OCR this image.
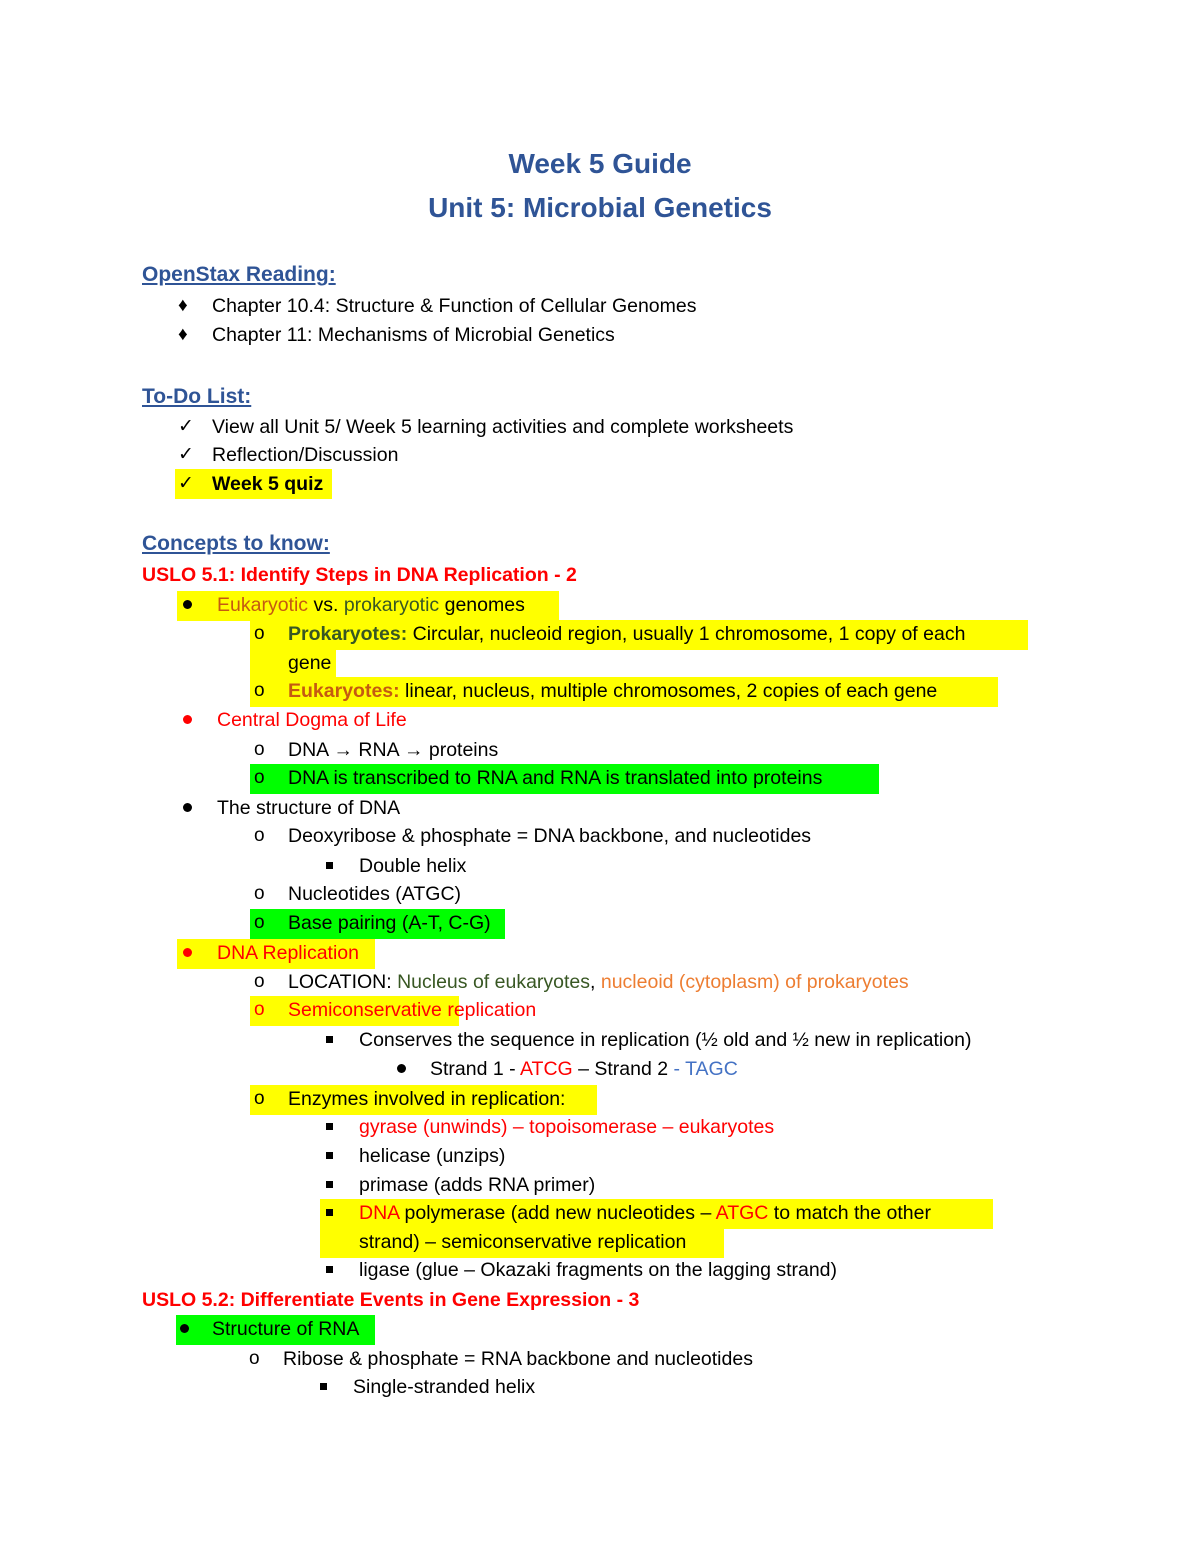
Week 5 Guide
Unit 5: Microbial Genetics
OpenStax Reading:
♦ Chapter 10.4: Structure & Function of Cellular Genomes
♦ Chapter 11: Mechanisms of Microbial Genetics
To-Do List:
✓ View all Unit 5/ Week 5 learning activities and complete worksheets
✓ Reflection/Discussion
✓ Week 5 quiz
Concepts to know:
USLO 5.1: Identify Steps in DNA Replication - 2
Eukaryotic vs. prokaryotic genomes
o Prokaryotes: Circular, nucleoid region, usually 1 chromosome, 1 copy of each
gene
o Eukaryotes: linear, nucleus, multiple chromosomes, 2 copies of each gene
Central Dogma of Life
o DNA → RNA → proteins
o DNA is transcribed to RNA and RNA is translated into proteins
The structure of DNA
o Deoxyribose & phosphate = DNA backbone, and nucleotides
Double helix
o Nucleotides (ATGC)
o Base pairing (A-T, C-G)
DNA Replication
o LOCATION: Nucleus of eukaryotes, nucleoid (cytoplasm) of prokaryotes
o Semiconservative replication
Conserves the sequence in replication (½ old and ½ new in replication)
Strand 1 - ATCG – Strand 2 - TAGC
o Enzymes involved in replication:
gyrase (unwinds) – topoisomerase – eukaryotes
helicase (unzips)
primase (adds RNA primer)
DNA polymerase (add new nucleotides – ATGC to match the other
strand) – semiconservative replication
ligase (glue – Okazaki fragments on the lagging strand)
USLO 5.2: Differentiate Events in Gene Expression - 3
Structure of RNA
o Ribose & phosphate = RNA backbone and nucleotides
Single-stranded helix
